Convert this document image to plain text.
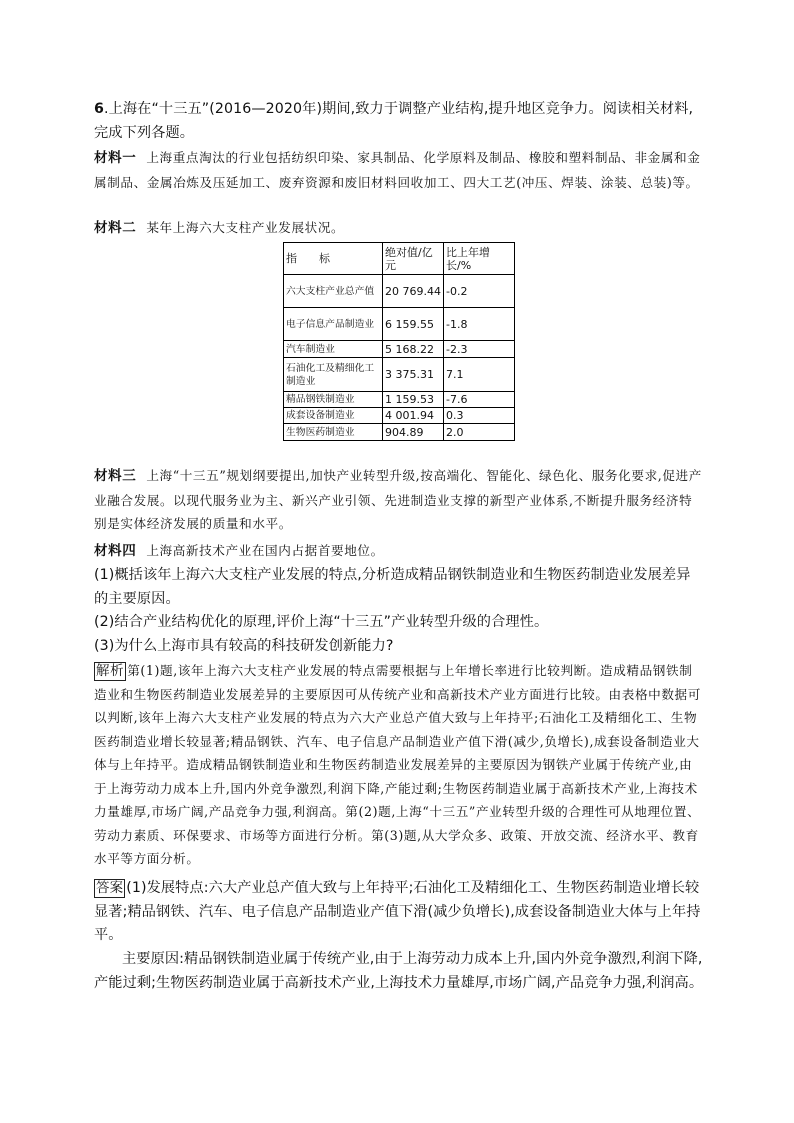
6.上海在“十三五”(2016—2020年)期间,致力于调整产业结构,提升地区竞争力。阅读相关材料,完成下列各题。

材料一 上海重点淘汰的行业包括纺织印染、家具制品、化学原料及制品、橡胶和塑料制品、非金属和金属制品、金属冶炼及压延加工、废弃资源和废旧材料回收加工、四大工艺(冲压、焊装、涂装、总装)等。

材料二 某年上海六大支柱产业发展状况。

指　　标	绝对值/亿元	比上年增长/%
六大支柱产业总产值	20 769.44	-0.2
电子信息产品制造业	6 159.55	-1.8
汽车制造业	5 168.22	-2.3
石油化工及精细化工制造业	3 375.31	7.1
精品钢铁制造业	1 159.53	-7.6
成套设备制造业	4 001.94	0.3
生物医药制造业	904.89	2.0

材料三 上海“十三五”规划纲要提出,加快产业转型升级,按高端化、智能化、绿色化、服务化要求,促进产业融合发展。以现代服务业为主、新兴产业引领、先进制造业支撑的新型产业体系,不断提升服务经济特别是实体经济发展的质量和水平。

材料四 上海高新技术产业在国内占据首要地位。

(1)概括该年上海六大支柱产业发展的特点,分析造成精品钢铁制造业和生物医药制造业发展差异的主要原因。

(2)结合产业结构优化的原理,评价上海“十三五”产业转型升级的合理性。

(3)为什么上海市具有较高的科技研发创新能力?

解析 第(1)题,该年上海六大支柱产业发展的特点需要根据与上年增长率进行比较判断。造成精品钢铁制造业和生物医药制造业发展差异的主要原因可从传统产业和高新技术产业方面进行比较。由表格中数据可以判断,该年上海六大支柱产业发展的特点为六大产业总产值大致与上年持平;石油化工及精细化工、生物医药制造业增长较显著;精品钢铁、汽车、电子信息产品制造业产值下滑(减少,负增长),成套设备制造业大体与上年持平。造成精品钢铁制造业和生物医药制造业发展差异的主要原因为钢铁产业属于传统产业,由于上海劳动力成本上升,国内外竞争激烈,利润下降,产能过剩;生物医药制造业属于高新技术产业,上海技术力量雄厚,市场广阔,产品竞争力强,利润高。第(2)题,上海“十三五”产业转型升级的合理性可从地理位置、劳动力素质、环保要求、市场等方面进行分析。第(3)题,从大学众多、政策、开放交流、经济水平、教育水平等方面分析。

答案 (1)发展特点:六大产业总产值大致与上年持平;石油化工及精细化工、生物医药制造业增长较显著;精品钢铁、汽车、电子信息产品制造业产值下滑(减少负增长),成套设备制造业大体与上年持平。

主要原因:精品钢铁制造业属于传统产业,由于上海劳动力成本上升,国内外竞争激烈,利润下降,产能过剩;生物医药制造业属于高新技术产业,上海技术力量雄厚,市场广阔,产品竞争力强,利润高。
